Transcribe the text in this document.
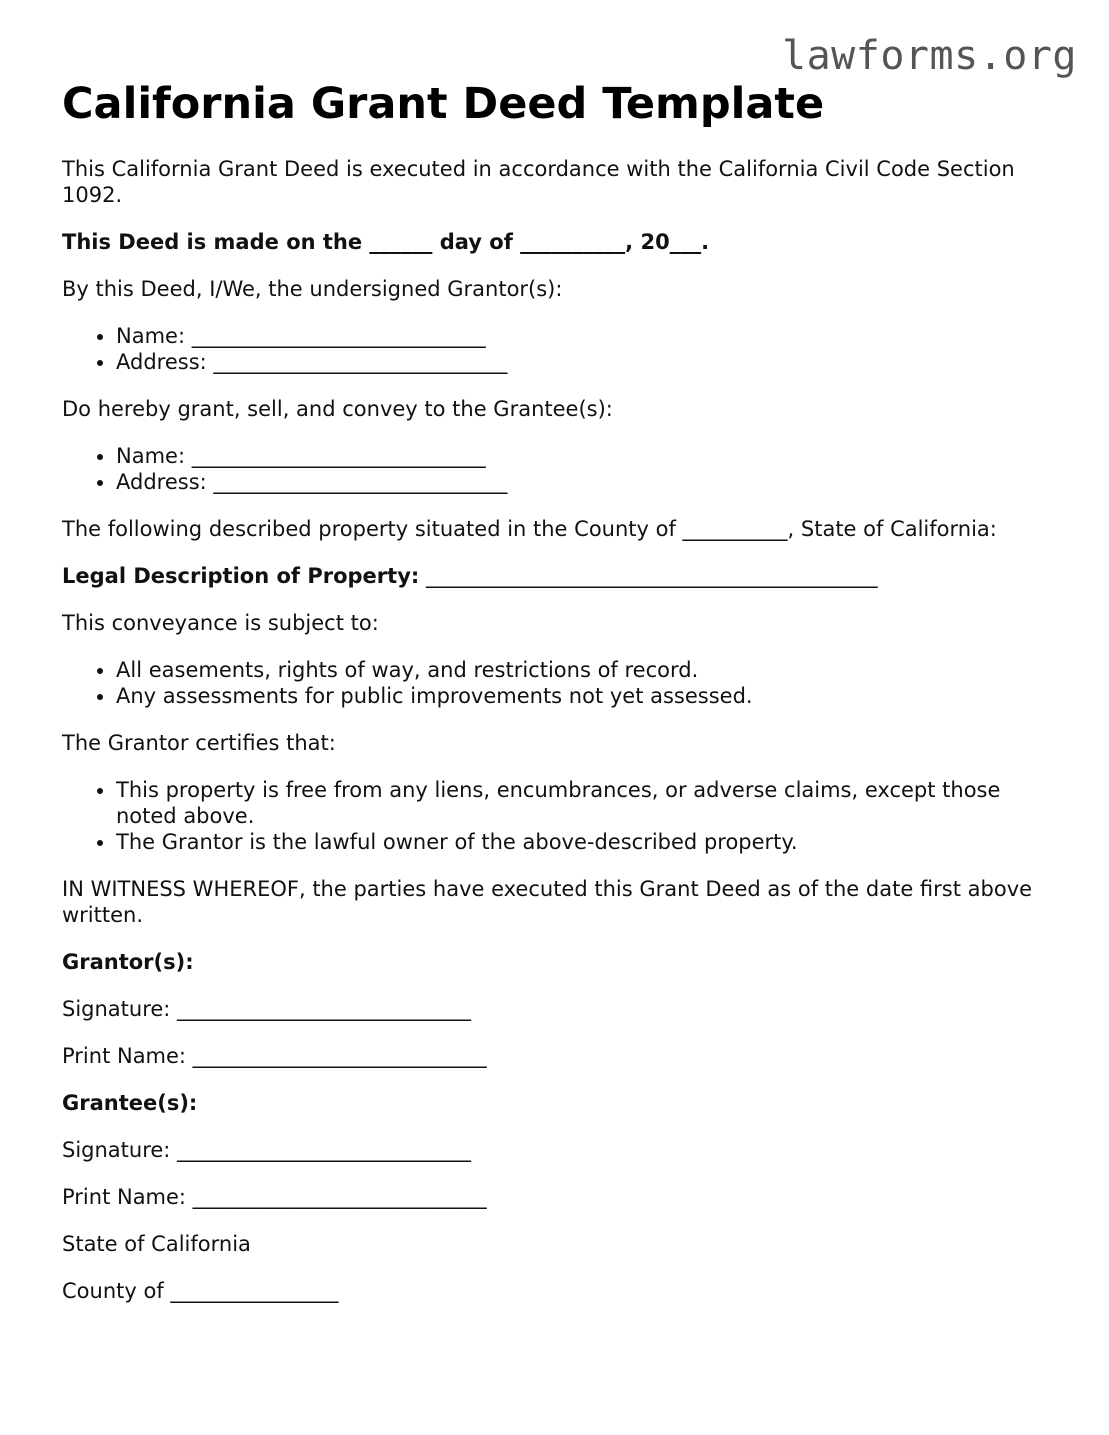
lawforms.org
California Grant Deed Template

This California Grant Deed is executed in accordance with the California Civil Code Section 1092.

This Deed is made on the ______ day of __________, 20___.

By this Deed, I/We, the undersigned Grantor(s):

• Name: ____________________________
• Address: ____________________________

Do hereby grant, sell, and convey to the Grantee(s):

• Name: ____________________________
• Address: ____________________________

The following described property situated in the County of __________, State of California:

Legal Description of Property: ___________________________________________

This conveyance is subject to:

• All easements, rights of way, and restrictions of record.
• Any assessments for public improvements not yet assessed.

The Grantor certifies that:

• This property is free from any liens, encumbrances, or adverse claims, except those noted above.
• The Grantor is the lawful owner of the above-described property.

IN WITNESS WHEREOF, the parties have executed this Grant Deed as of the date first above written.

Grantor(s):

Signature: ____________________________

Print Name: ____________________________

Grantee(s):

Signature: ____________________________

Print Name: ____________________________

State of California

County of ________________
